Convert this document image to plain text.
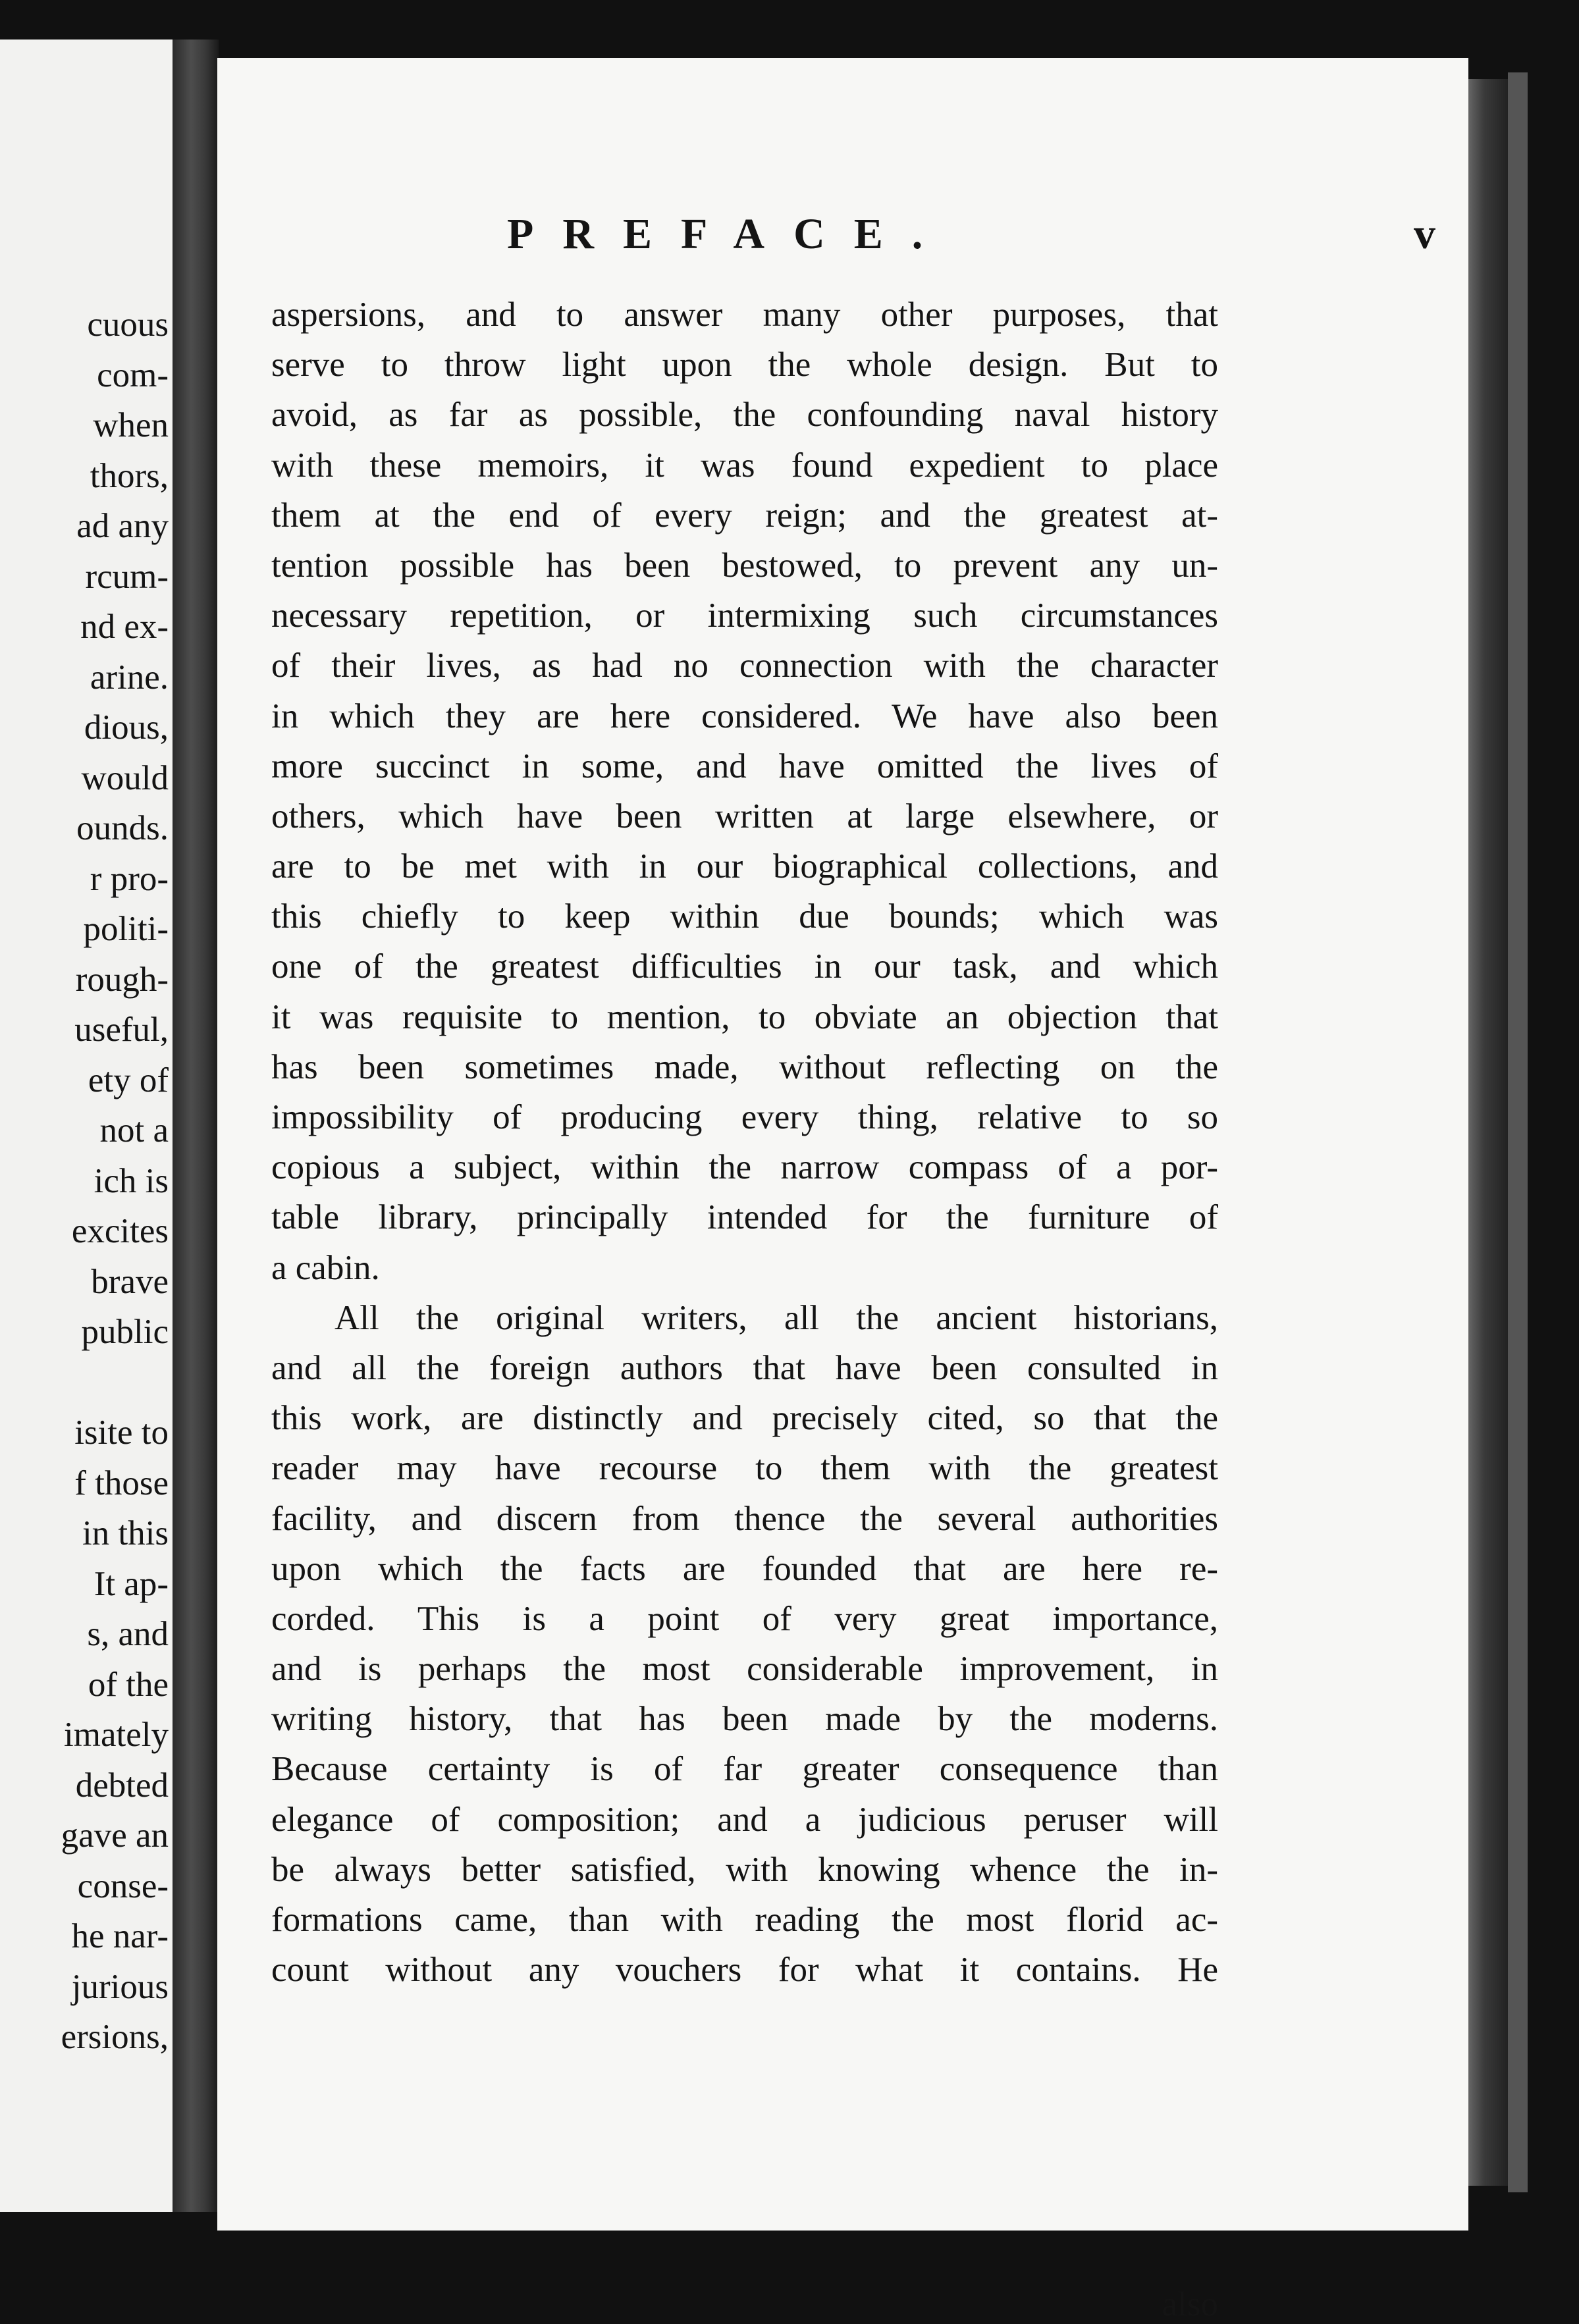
cuous
com-
when
thors,
ad any
rcum-
nd ex-
arine.
dious,
would
ounds.
r pro-
politi-
rough-
useful,
ety of
not a
ich is
excites
brave
public
isite to
f those
in this
It ap-
s, and
of the
imately
debted
gave an
conse-
he nar-
jurious
ersions,
PREFACE.	v
aspersions, and to answer many other purposes, that
serve to throw light upon the whole design. But to
avoid, as far as possible, the confounding naval history
with these memoirs, it was found expedient to place
them at the end of every reign; and the greatest at-
tention possible has been bestowed, to prevent any un-
necessary repetition, or intermixing such circumstances
of their lives, as had no connection with the character
in which they are here considered. We have also been
more succinct in some, and have omitted the lives of
others, which have been written at large elsewhere, or
are to be met with in our biographical collections, and
this chiefly to keep within due bounds; which was
one of the greatest difficulties in our task, and which
it was requisite to mention, to obviate an objection that
has been sometimes made, without reflecting on the
impossibility of producing every thing, relative to so
copious a subject, within the narrow compass of a por-
table library, principally intended for the furniture of
a cabin.
All the original writers, all the ancient historians,
and all the foreign authors that have been consulted in
this work, are distinctly and precisely cited, so that the
reader may have recourse to them with the greatest
facility, and discern from thence the several authorities
upon which the facts are founded that are here re-
corded. This is a point of very great importance,
and is perhaps the most considerable improvement, in
writing history, that has been made by the moderns.
Because certainty is of far greater consequence than
elegance of composition; and a judicious peruser will
be always better satisfied, with knowing whence the in-
formations came, than with reading the most florid ac-
count without any vouchers for what it contains. He
also
